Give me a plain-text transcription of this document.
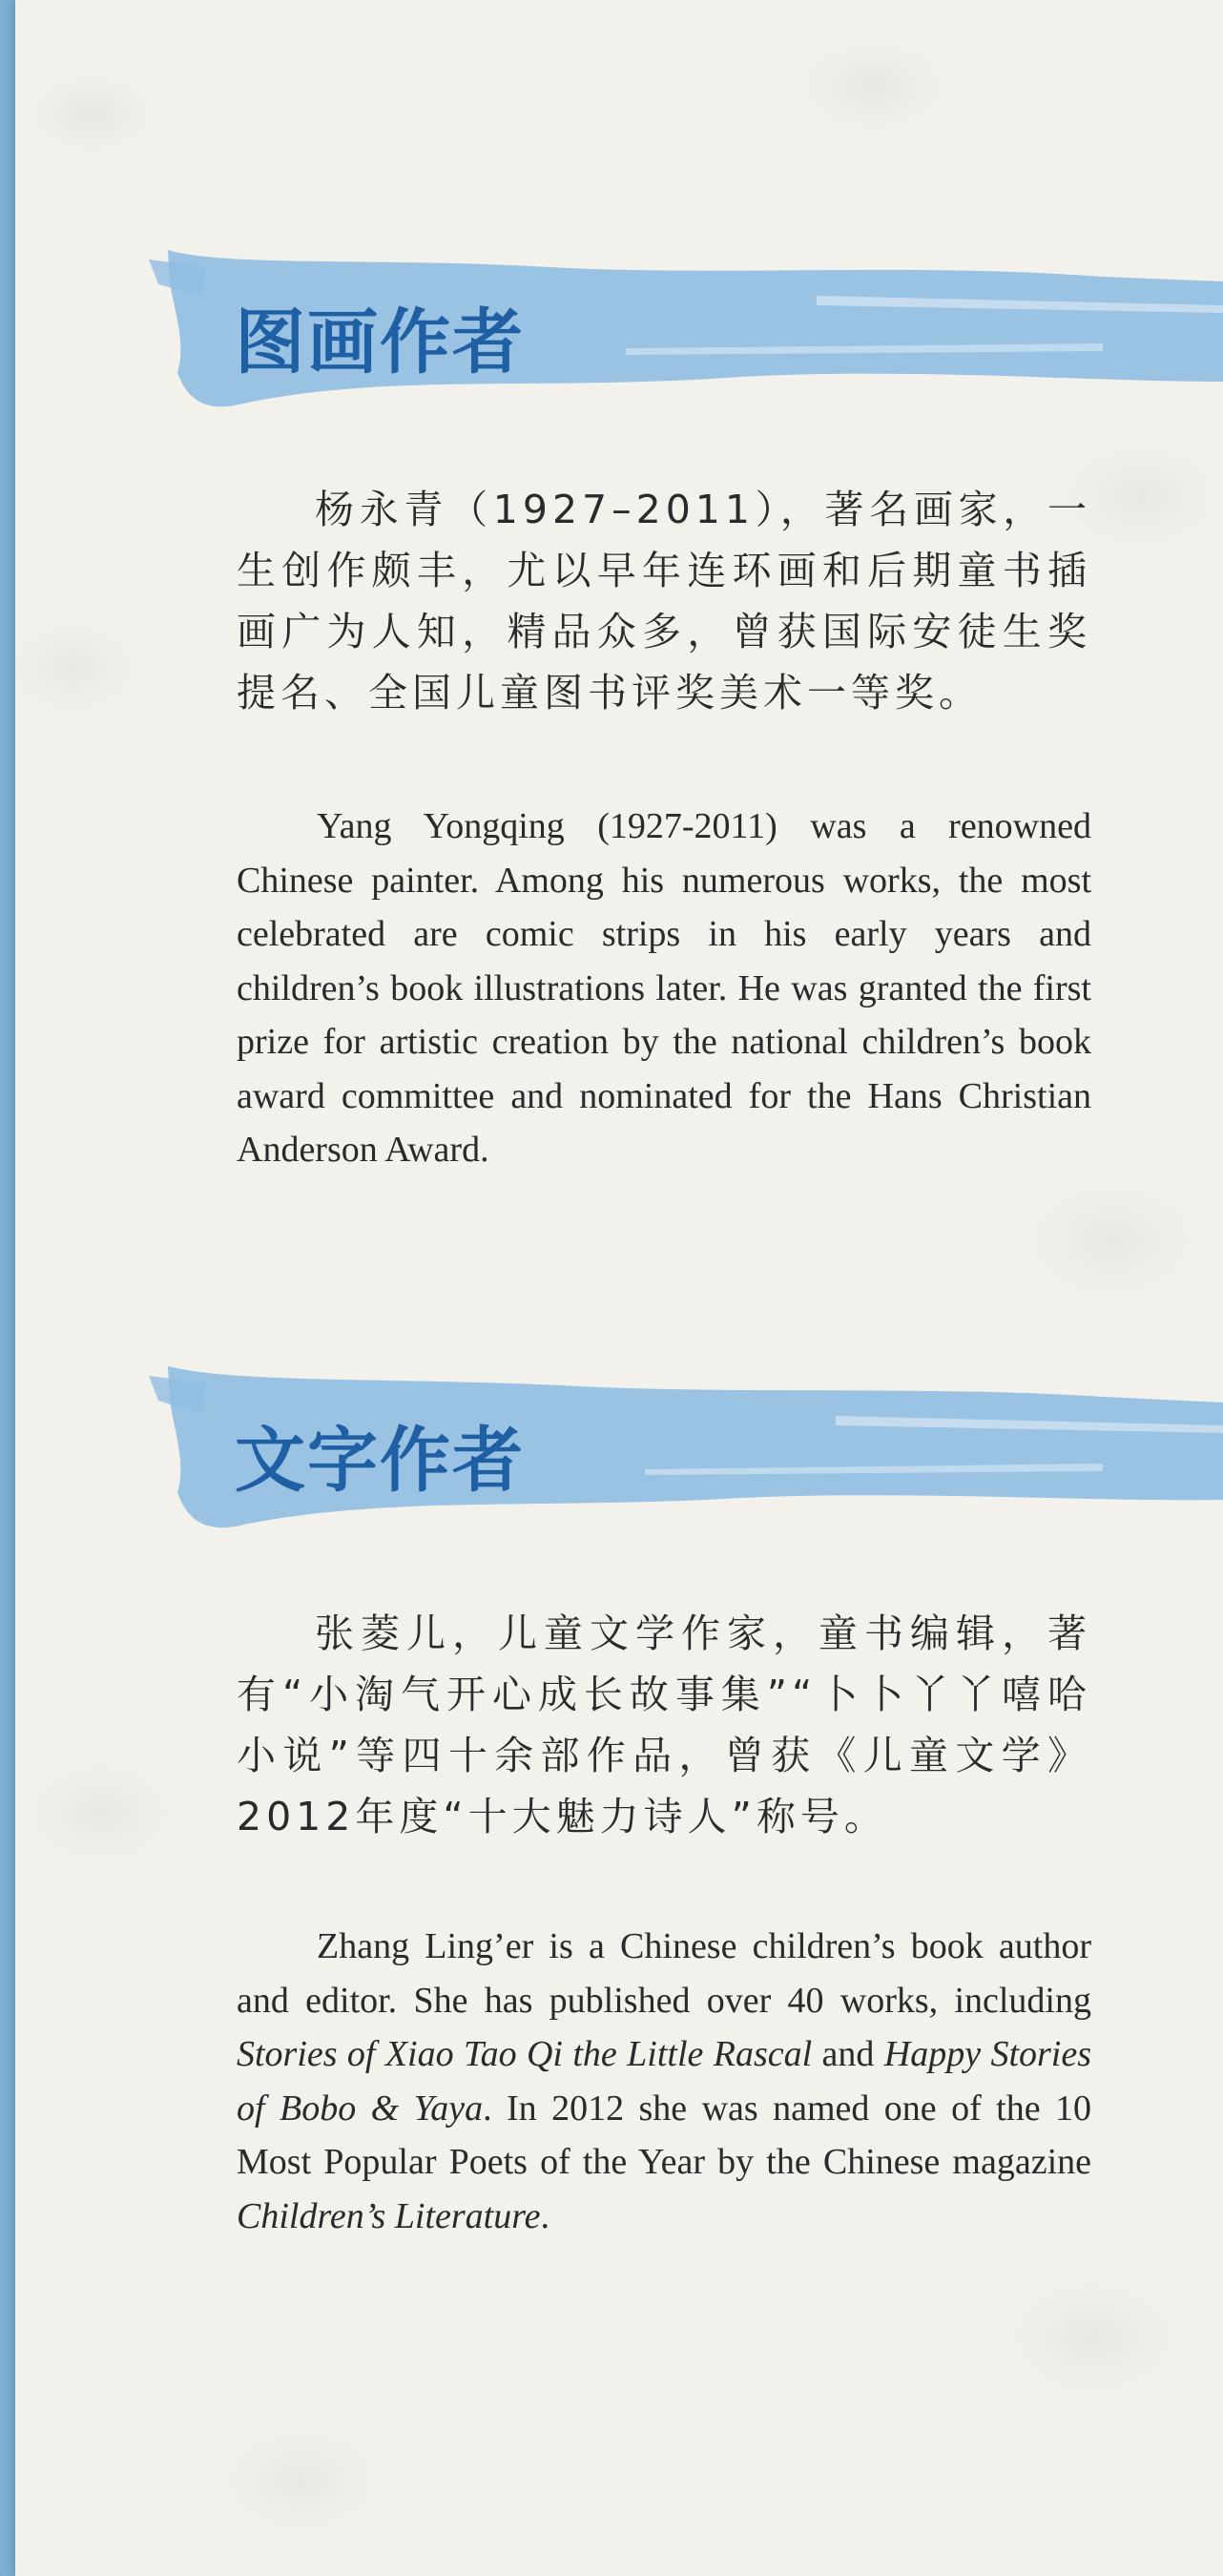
图画作者

杨永青（1927–2011），著名画家，一生创作颇丰，尤以早年连环画和后期童书插画广为人知，精品众多，曾获国际安徒生奖提名、全国儿童图书评奖美术一等奖。

Yang Yongqing (1927-2011) was a renowned Chinese painter. Among his numerous works, the most celebrated are comic strips in his early years and children’s book illustrations later. He was granted the first prize for artistic creation by the national children’s book award committee and nominated for the Hans Christian Anderson Award.

文字作者

张菱儿，儿童文学作家，童书编辑，著有“小淘气开心成长故事集”“卜卜丫丫嘻哈小说”等四十余部作品，曾获《儿童文学》2012年度“十大魅力诗人”称号。

Zhang Ling’er is a Chinese children’s book author and editor. She has published over 40 works, including Stories of Xiao Tao Qi the Little Rascal and Happy Stories of Bobo & Yaya. In 2012 she was named one of the 10 Most Popular Poets of the Year by the Chinese magazine Children’s Literature.
